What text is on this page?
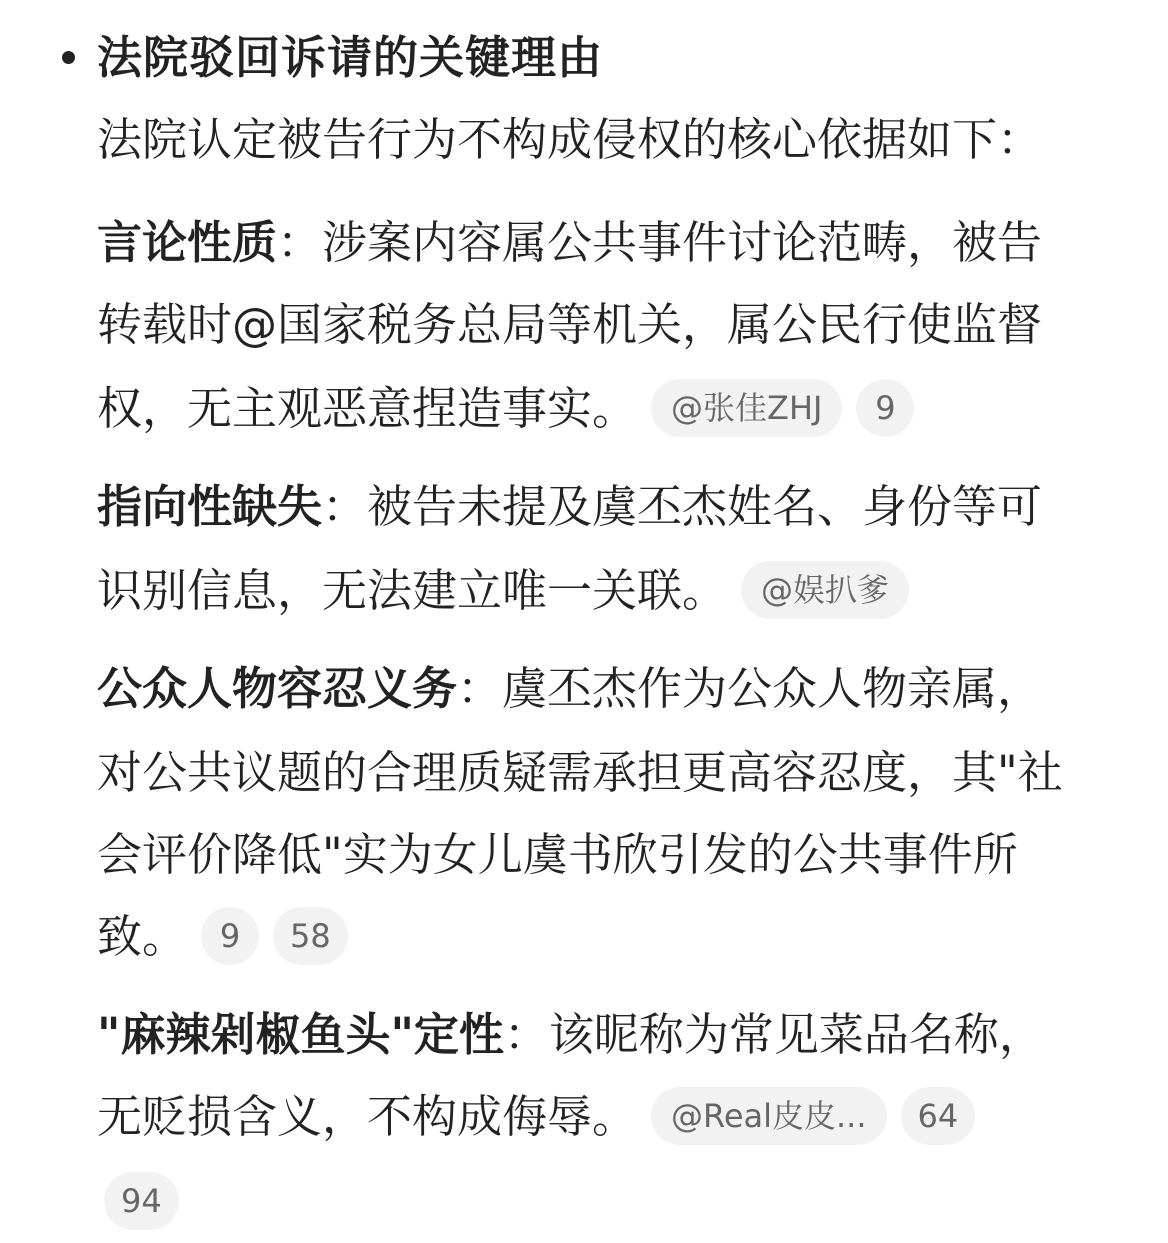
法院驳回诉请的关键理由
法院认定被告行为不构成侵权的核心依据如下：
言论性质：涉案内容属公共事件讨论范畴，被告
转载时@国家税务总局等机关，属公民行使监督
权，无主观恶意捏造事实。 @张佳ZHJ 9
指向性缺失：被告未提及虞丕杰姓名、身份等可
识别信息，无法建立唯一关联。 @娱扒爹
公众人物容忍义务：虞丕杰作为公众人物亲属，
对公共议题的合理质疑需承担更高容忍度，其"社
会评价降低"实为女儿虞书欣引发的公共事件所
致。 9 58
"麻辣剁椒鱼头"定性：该昵称为常见菜品名称，
无贬损含义，不构成侮辱。 @Real皮皮... 64
94
